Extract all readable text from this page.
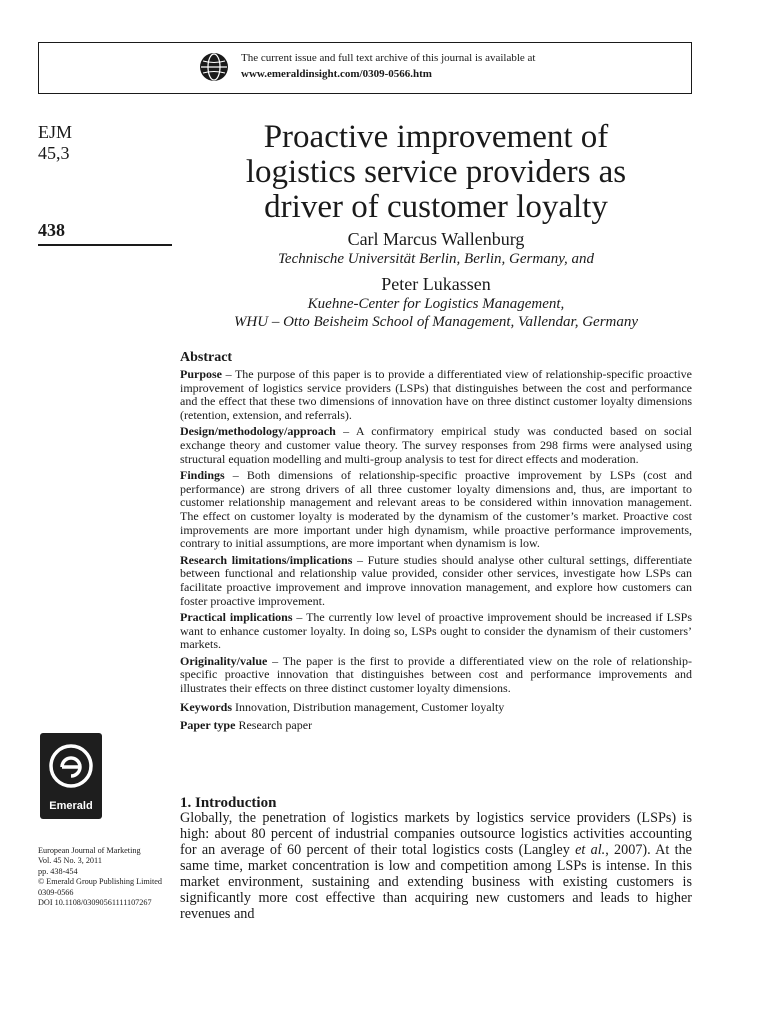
The current issue and full text archive of this journal is available at
www.emeraldinsight.com/0309-0566.htm
EJM
45,3
438
Proactive improvement of
logistics service providers as
driver of customer loyalty
Carl Marcus Wallenburg
Technische Universität Berlin, Berlin, Germany, and
Peter Lukassen
Kuehne-Center for Logistics Management,
WHU – Otto Beisheim School of Management, Vallendar, Germany
Abstract
Purpose – The purpose of this paper is to provide a differentiated view of relationship-specific proactive improvement of logistics service providers (LSPs) that distinguishes between the cost and performance and the effect that these two dimensions of innovation have on three distinct customer loyalty dimensions (retention, extension, and referrals).
Design/methodology/approach – A confirmatory empirical study was conducted based on social exchange theory and customer value theory. The survey responses from 298 firms were analysed using structural equation modelling and multi-group analysis to test for direct effects and moderation.
Findings – Both dimensions of relationship-specific proactive improvement by LSPs (cost and performance) are strong drivers of all three customer loyalty dimensions and, thus, are important to customer relationship management and relevant areas to be considered within innovation management. The effect on customer loyalty is moderated by the dynamism of the customer’s market. Proactive cost improvements are more important under high dynamism, while proactive performance improvements, contrary to initial assumptions, are more important when dynamism is low.
Research limitations/implications – Future studies should analyse other cultural settings, differentiate between functional and relationship value provided, consider other services, investigate how LSPs can facilitate proactive improvement and improve innovation management, and explore how customers can foster proactive improvement.
Practical implications – The currently low level of proactive improvement should be increased if LSPs want to enhance customer loyalty. In doing so, LSPs ought to consider the dynamism of their customers’ markets.
Originality/value – The paper is the first to provide a differentiated view on the role of relationship-specific proactive innovation that distinguishes between cost and performance improvements and illustrates their effects on three distinct customer loyalty dimensions.
Keywords Innovation, Distribution management, Customer loyalty
Paper type Research paper
Emerald
European Journal of Marketing
Vol. 45 No. 3, 2011
pp. 438-454
© Emerald Group Publishing Limited
0309-0566
DOI 10.1108/03090561111107267
1. Introduction
Globally, the penetration of logistics markets by logistics service providers (LSPs) is high: about 80 percent of industrial companies outsource logistics activities accounting for an average of 60 percent of their total logistics costs (Langley et al., 2007). At the same time, market concentration is low and competition among LSPs is intense. In this market environment, sustaining and extending business with existing customers is significantly more cost effective than acquiring new customers and leads to higher revenues and
